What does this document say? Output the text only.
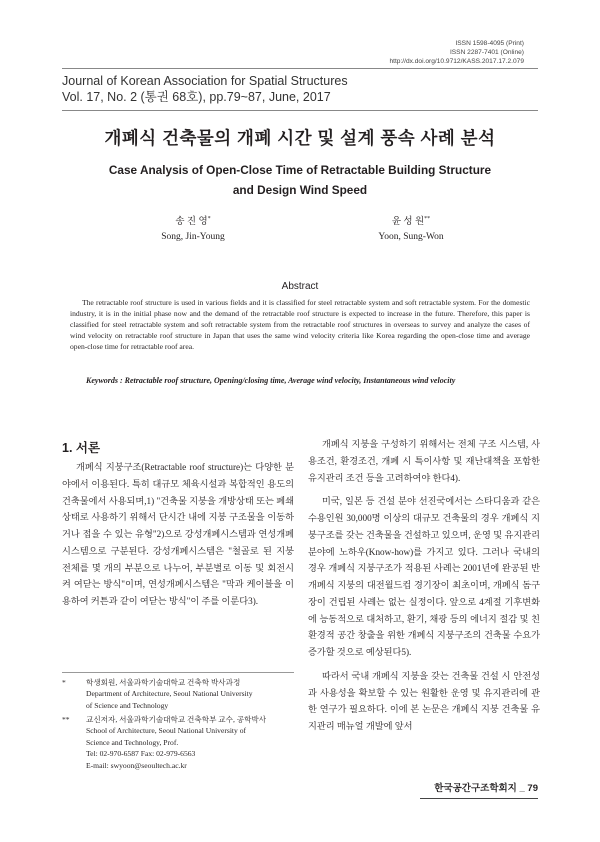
ISSN 1598-4095 (Print)
ISSN 2287-7401 (Online)
http://dx.doi.org/10.9712/KASS.2017.17.2.079
Journal of Korean Association for Spatial Structures
Vol. 17, No. 2 (통권 68호), pp.79~87, June, 2017
개폐식 건축물의 개폐 시간 및 설계 풍속 사례 분석
Case Analysis of Open-Close Time of Retractable Building Structure
and Design Wind Speed
송 진 영*
Song, Jin-Young
윤 성 원**
Yoon, Sung-Won
Abstract
The retractable roof structure is used in various fields and it is classified for steel retractable system and soft retractable system. For the domestic industry, it is in the initial phase now and the demand of the retractable roof structure is expected to increase in the future. Therefore, this paper is classified for steel retractable system and soft retractable system from the retractable roof structures in overseas to survey and analyze the cases of wind velocity on retractable roof structure in Japan that uses the same wind velocity criteria like Korea regarding the open-close time and average open-close time for retractable roof area.
Keywords : Retractable roof structure, Opening/closing time, Average wind velocity, Instantaneous wind velocity
1. 서론

개폐식 지붕구조(Retractable roof structure)는 다양한 분야에서 이용된다. 특히 대규모 체육시설과 복합적인 용도의 건축물에서 사용되며,1) "건축물 지붕을 개방상태 또는 폐쇄상태로 사용하기 위해서 단시간 내에 지붕 구조물을 이동하거나 접을 수 있는 유형"2)으로 강성개폐시스템과 연성개폐시스템으로 구분된다. 강성개폐시스템은 "철골로 된 지붕 전체를 몇 개의 부분으로 나누어, 부분별로 이동 및 회전시켜 여닫는 방식"이며, 연성개폐시스템은 "막과 케이블을 이용하여 커튼과 같이 여닫는 방식"이 주를 이룬다3).

*	학생회원, 서울과학기술대학교 건축학 박사과정
Department of Architecture, Seoul National University
of Science and Technology
** 교신저자, 서울과학기술대학교 건축학부 교수, 공학박사
School of Architecture, Seoul National University of
Science and Technology, Prof.
Tel: 02-970-6587 Fax: 02-979-6563
E-mail: swyoon@seoultech.ac.kr

개폐식 지붕을 구성하기 위해서는 전체 구조 시스템, 사용조건, 환경조건, 개폐 시 특이사항 및 재난대책을 포함한 유지관리 조건 등을 고려하여야 한다4).

미국, 일본 등 건설 분야 선진국에서는 스타디움과 같은 수용인원 30,000명 이상의 대규모 건축물의 경우 개폐식 지붕구조를 갖는 건축물을 건설하고 있으며, 운영 및 유지관리 분야에 노하우(Know-how)를 가지고 있다. 그러나 국내의 경우 개폐식 지붕구조가 적용된 사례는 2001년에 완공된 반 개폐식 지붕의 대전월드컵 경기장이 최초이며, 개폐식 돔구장이 건립된 사례는 없는 실정이다. 앞으로 4계절 기후변화에 능동적으로 대처하고, 환기, 채광 등의 에너지 절감 및 친환경적 공간 창출을 위한 개폐식 지붕구조의 건축물 수요가 증가할 것으로 예상된다5).

따라서 국내 개폐식 지붕을 갖는 건축물 건설 시 안전성과 사용성을 확보할 수 있는 원활한 운영 및 유지관리에 관한 연구가 필요하다. 이에 본 논문은 개폐식 지붕 건축물 유지관리 매뉴얼 개발에 앞서

한국공간구조학회지 _ 79
